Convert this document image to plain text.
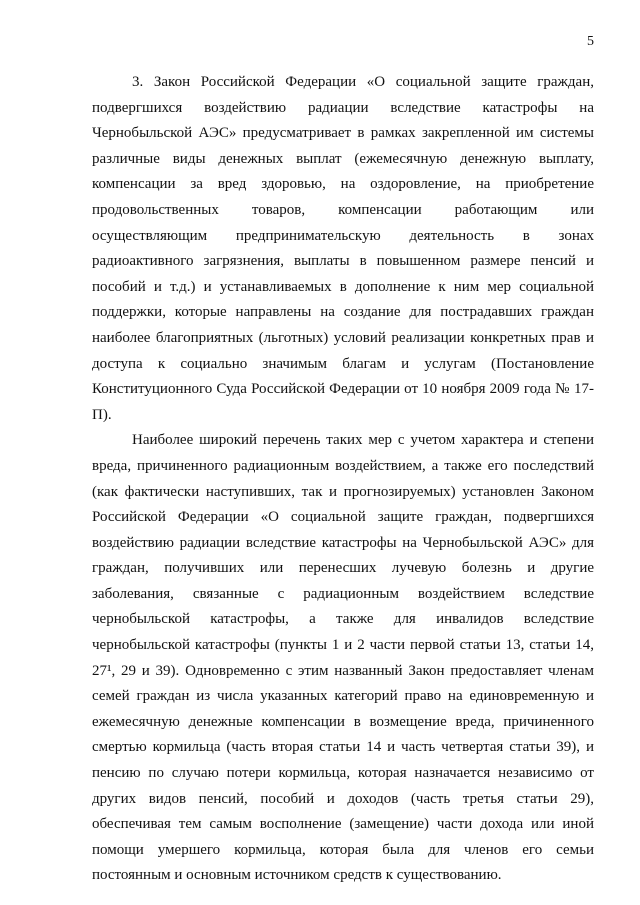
5

3. Закон Российской Федерации «О социальной защите граждан, подвергшихся воздействию радиации вследствие катастрофы на Чернобыльской АЭС» предусматривает в рамках закрепленной им системы различные виды денежных выплат (ежемесячную денежную выплату, компенсации за вред здоровью, на оздоровление, на приобретение продовольственных товаров, компенсации работающим или осуществляющим предпринимательскую деятельность в зонах радиоактивного загрязнения, выплаты в повышенном размере пенсий и пособий и т.д.) и устанавливаемых в дополнение к ним мер социальной поддержки, которые направлены на создание для пострадавших граждан наиболее благоприятных (льготных) условий реализации конкретных прав и доступа к социально значимым благам и услугам (Постановление Конституционного Суда Российской Федерации от 10 ноября 2009 года № 17-П).

Наиболее широкий перечень таких мер с учетом характера и степени вреда, причиненного радиационным воздействием, а также его последствий (как фактически наступивших, так и прогнозируемых) установлен Законом Российской Федерации «О социальной защите граждан, подвергшихся воздействию радиации вследствие катастрофы на Чернобыльской АЭС» для граждан, получивших или перенесших лучевую болезнь и другие заболевания, связанные с радиационным воздействием вследствие чернобыльской катастрофы, а также для инвалидов вследствие чернобыльской катастрофы (пункты 1 и 2 части первой статьи 13, статьи 14, 27¹, 29 и 39). Одновременно с этим названный Закон предоставляет членам семей граждан из числа указанных категорий право на единовременную и ежемесячную денежные компенсации в возмещение вреда, причиненного смертью кормильца (часть вторая статьи 14 и часть четвертая статьи 39), и пенсию по случаю потери кормильца, которая назначается независимо от других видов пенсий, пособий и доходов (часть третья статьи 29), обеспечивая тем самым восполнение (замещение) части дохода или иной помощи умершего кормильца, которая была для членов его семьи постоянным и основным источником средств к существованию.
